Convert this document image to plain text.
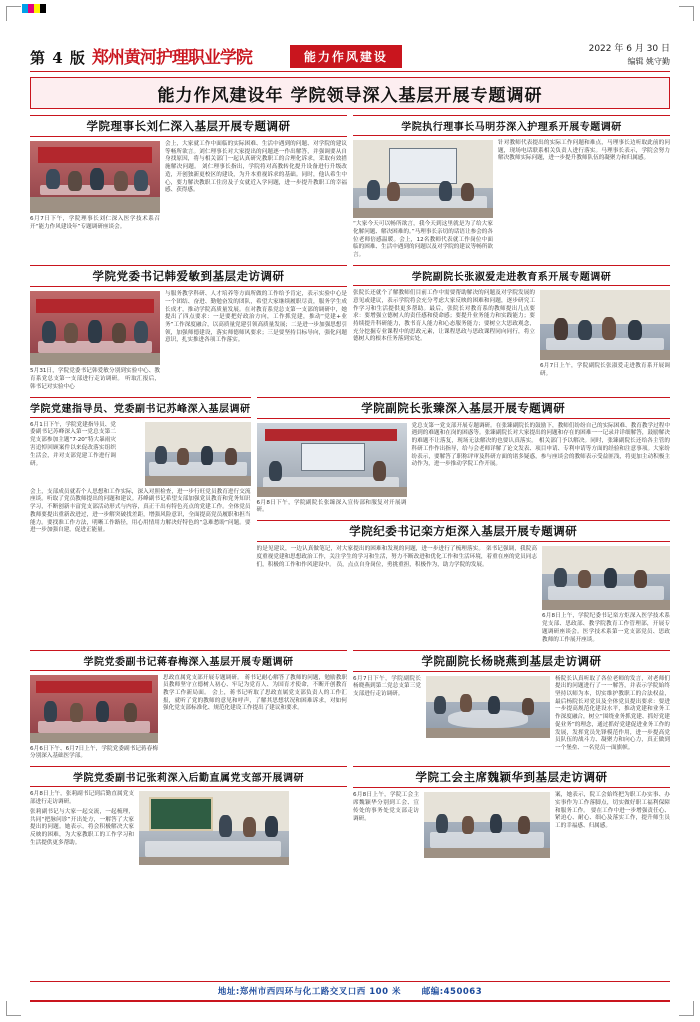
第 4 版 郑州黄河护理职业学院	能力作风建设
2022 年 6 月 30 日
编辑 姚守勤
能力作风建设年 学院领导深入基层开展专题调研
学院理事长刘仁深入基层开展专题调研
6月7日下午，学院理事长刘仁深入医学技术系召开“能力作风建设年”专题调研座谈会。
会上，大家就工作中面临的实际困难、生活中遇到的问题、对学院的建议等畅所欲言。刘仁理事长对大家提出的问题逐一作出解答，并强调要从自身找原因，将与相关部门一起认真研究教职工的合理化诉求，采取有效措施解决问题。 刘仁理事长指出，学院将对高教转化提升设备进行升级改造，开创独新更校区的建设，为升本重视诉求的基础。同时，他认希生中心，要力解决教职工住房及子女就近入学问题，进一步提升教职工的幸福感、获得感。
学院执行理事长马明芬深入护理系开展专题调研
“大家今天可以畅所欲言，我今天到这里就是为了给大家化解问题、解决困难的。”马理事长亲切的话语让参会的各位老师倍感温暖。会上，12名教师代表就工作岗位中面临的困难、生活中遇到的问题以及对学院的建议等畅所欲言。
针对教师代表提出的实际工作问题和难点，马理事长边听取此前的问题，现场电话联系相关负责人进行落实。马理事长表示，学院会努力解决教师实际问题，进一步提升教师队伍的凝聚力和归属感。
学院党委书记韩爱敏到基层走访调研
5月31日，学院党委书记韩爱敏分别到实验中心、教育系党总支第一支部进行走访调研。 听取汇报后，韩书记对实验中心
与服务教学科研、人才培养等方面所做的工作给予肯定，表示实验中心是一个团结、奋进、勤勉奋发的团队，希望大家继续履职尽责，服务学生成长成才，推动学院高质量发展。在对教育系党总支第一支部的调研中，她提出了四点要求：一是要把好政治方向，工作抓党建，推动“党建+业务”工作深度融合，以高质量党建引领高质量发展；二是进一步加强思想引领，加强师德建设，落实师德师风要求；三是要坚持目标导向，强化问题意识，扎实推进各项工作落实。
学院副院长张淑爱走进教育系开展专题调研
张院长还就个了解教师们目前工作中需要帮助解决的问题及对学院发展的意见或建议，表示学院将会充分考虑大家反映的困难和问题，逐步研究工作学习和生活提供更多帮助。最后，张院长对教育系的教师提出几点要求：要增强立德树人的责任感和使命感；要提升业务能力和实践能力；要持续提升科研能力，教书育人能力和心态服务能力；要树立大思政观念，充分挖掘专业课程中的思政元素，让课程思政与思政课程同向同行，将立德树人的根本任务落到实处。
6月7日上午，学院副院长张淑爱走进教育系开展调研。
学院党建指导员、党委副书记苏峰深入基层调研
6月1日下午，学院党建指导员、党委副书记苏峰深入第一党总支第二党支部参加主题“7·20”特大暴雨灾害追悼回顾案件以来促改落实组织生活会，并对支部党建工作进行调研。
会上，支部成员就若个人思想和工作实际，深入对照检查，进一步行旺党员教育进行交流座谈。听取了党员教师提出的问题和建议。苏峰副书记希望支部加强党员教育和党务知识学习，不断创新丰富党支部活动形式与内容，真正干出有特色亮点的党建工作。全体党员教师要提出重新改进过，进一步解突破找差距，增强风险意识，全面提高党员履职和担当能力。要找准工作方法，明晰工作路径，用心用情用力解决好特色的“急难愁盼”问题。要进一步加强自建，促进正能量。
学院副院长张臻深入基层开展专题调研
6月8日下午，学院副院长张臻深入宣传部和服复对开展调研。
党总支第一党支部开展专题调研。在张臻副院长的鼓励下，教师们纷纷自己的实际困难、教育教学过程中遇到的难题和在岗的困惑等。张臻副院长对大家提出的问题和存在的困难一一记录并详细解答，鼓励解决的难题不让落复，现场无法解决的也要认真落实。 相关部门予以解决。同时，张臻副院长还给各主管的科研工作作出指导，给与会老师详解了论文发表、项目申请、专利申请等方面的经验和注意事项。大家纷纷表示，要解答了职称评审及科研方面的诸多疑惑，参与座谈会的教师表示受益匪浅，将更加主动积极主动作为，进一步推动学院工作开展。
学院纪委书记栾方炬深入基层开展专题调研
的是见建议，一边认真做笔记，对大家提出的困难和发现的问题，进一步进行了梳理落实。 栾书记强调，我院高度重视党建和思想政治工作，关注学生的学习和生活，努力不断改进和优化工作和生活环境，着重在座的党员同志们，积极的工作和作风建设中。 员，点点自身岗位，勇挑重担，积极作为，助力学院的发展。
6月8日上午，学院纪委书记栾方炬深入医学技术系党支部、思政部、教学院教育工作管理部，开展专题调研座谈会。医学技术系第一党支部党员、思政教师的工作展开座谈。
学院党委副书记蒋春梅深入基层开展专题调研
6月6日下午、6月7日上午，学院党委副书记蒋春梅分别深入基础医学部。
思政直属党支部开展专题调研。 蒋书记耐心解答了教师的问题，勉励教职员教师坚守立德树人初心、牢记为党育人、为国育才使命，不断开创教育教学工作新局面。 会上，蒋书记听取了思政直属党支部负责人的工作汇报，就听了党的教师的意见和呼声，了解其思想状况和困难诉求，对如何强化党支部标准化、规范化建设工作提出了建议和要求。
学院副院长杨晓燕到基层走访调研
6月7日下午，学院副院长杨晓燕到第二党总支第三党支部进行走访调研。
杨院长认真听取了各位老师的发言，对老师们提出的问题进行了一一解答，并表示学院始终坚持以师为本，切实维护教职工的合法权益，最后杨院长对党员及全体党员提出要求：要进一步提高规范化建设水平，推动党建和业务工作深度融合，树立“围绕业务抓党建、抓好党建促业务”的理念，通过抓好党建促进业务工作的发展，发挥党员先锋模范作用，进一步提高党员队伍的战斗力、凝聚力和向心力，真正做到一个堡垒、一名党员一面旗帜。
学院党委副书记张莉深入后勤直属党支部开展调研
6月8日上午，张莉副书记到后勤直属党支部进行走访调研。
张莉副书记与大家一起交流，一起梳理，共同“把脉问诊”开出处方，一解答了大家提出的问题。她表示，将会积极解决大家反映的困难，为大家教职工的工作学习和生活提供更多帮助。
学院工会主席魏颖华到基层走访调研
6月8日上午，学院工会主席魏颖华分别到工会、宣传处的事务处党支部走访调研。
案，她表示，院工会始终把为职工办实事、办实事作为工作落脚点，切实做好职工福利保障和服务工作。 要在工作中进一步增强责任心、紧迫心、耐心、细心及落实工作，提升师生员工的幸福感、归属感。
地址:郑州市西四环与化工路交叉口西 100 米 邮编:450063
